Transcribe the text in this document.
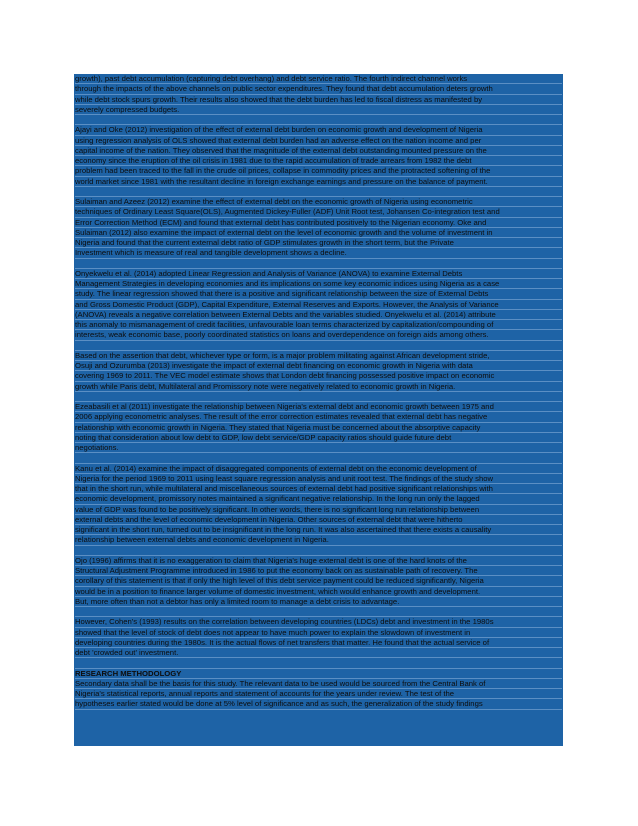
growth), past debt accumulation (capturing debt overhang) and debt service ratio. The fourth indirect channel works
through the impacts of the above channels on public sector expenditures. They found that debt accumulation deters growth
while debt stock spurs growth. Their results also showed that the debt burden has led to fiscal distress as manifested by
severely compressed budgets.

Ajayi and Oke (2012) investigation of the effect of external debt burden on economic growth and development of Nigeria
using regression analysis of OLS showed that external debt burden had an adverse effect on the nation income and per
capital income of the nation. They observed that the magnitude of the external debt outstanding mounted pressure on the
economy since the eruption of the oil crisis in 1981 due to the rapid accumulation of trade arrears from 1982 the debt
problem had been traced to the fall in the crude oil prices, collapse in commodity prices and the protracted softening of the
world market since 1981 with the resultant decline in foreign exchange earnings and pressure on the balance of payment.

Sulaiman and Azeez (2012) examine the effect of external debt on the economic growth of Nigeria using econometric
techniques of Ordinary Least Square(OLS), Augmented Dickey-Fuller (ADF) Unit Root test, Johansen Co-integration test and
Error Correction Method (ECM) and found that external debt has contributed positively to the Nigerian economy. Oke and
Sulaiman (2012) also examine the impact of external debt on the level of economic growth and the volume of investment in
Nigeria and found that the current external debt ratio of GDP stimulates growth in the short term, but the Private
Investment which is measure of real and tangible development shows a decline.

Onyekwelu et al. (2014) adopted Linear Regression and Analysis of Variance (ANOVA) to examine External Debts
Management Strategies in developing economies and its implications on some key economic indices using Nigeria as a case
study. The linear regression showed that there is a positive and significant relationship between the size of External Debts
and Gross Domestic Product (GDP), Capital Expenditure, External Reserves and Exports. However, the Analysis of Variance
(ANOVA) reveals a negative correlation between External Debts and the variables studied. Onyekwelu et al. (2014) attribute
this anomaly to mismanagement of credit facilities, unfavourable loan terms characterized by capitalization/compounding of
interests, weak economic base, poorly coordinated statistics on loans and overdependence on foreign aids among others.

Based on the assertion that debt, whichever type or form, is a major problem militating against African development stride,
Osuji and Ozurumba (2013) investigate the impact of external debt financing on economic growth in Nigeria with data
covering 1969 to 2011. The VEC model estimate shows that London debt financing possessed positive impact on economic
growth while Paris debt, Multilateral and Promissory note were negatively related to economic growth in Nigeria.

Ezeabasili et al (2011) investigate the relationship between Nigeria's external debt and economic growth between 1975 and
2006 applying econometric analyses. The result of the error correction estimates revealed that external debt has negative
relationship with economic growth in Nigeria. They stated that Nigeria must be concerned about the absorptive capacity
noting that consideration about low debt to GDP, low debt service/GDP capacity ratios should guide future debt
negotiations.

Kanu et al. (2014) examine the impact of disaggregated components of external debt on the economic development of
Nigeria for the period 1969 to 2011 using least square regression analysis and unit root test. The findings of the study show
that in the short run, while multilateral and miscellaneous sources of external debt had positive significant relationships with
economic development, promissory notes maintained a significant negative relationship. In the long run only the lagged
value of GDP was found to be positively significant. In other words, there is no significant long run relationship between
external debts and the level of economic development in Nigeria. Other sources of external debt that were hitherto
significant in the short run, turned out to be insignificant in the long run. It was also ascertained that there exists a causality
relationship between external debts and economic development in Nigeria.

Ojo (1996) affirms that it is no exaggeration to claim that Nigeria's huge external debt is one of the hard knots of the
Structural Adjustment Programme introduced in 1986 to put the economy back on as sustainable path of recovery. The
corollary of this statement is that if only the high level of this debt service payment could be reduced significantly, Nigeria
would be in a position to finance larger volume of domestic investment, which would enhance growth and development.
But, more often than not a debtor has only a limited room to manage a debt crisis to advantage.

However, Cohen's (1993) results on the correlation between developing countries (LDCs) debt and investment in the 1980s
showed that the level of stock of debt does not appear to have much power to explain the slowdown of investment in
developing countries during the 1980s. It is the actual flows of net transfers that matter. He found that the actual service of
debt 'crowded out' investment.

RESEARCH METHODOLOGY
Secondary data shall be the basis for this study. The relevant data to be used would be sourced from the Central Bank of
Nigeria's statistical reports, annual reports and statement of accounts for the years under review. The test of the
hypotheses earlier stated would be done at 5% level of significance and as such, the generalization of the study findings
